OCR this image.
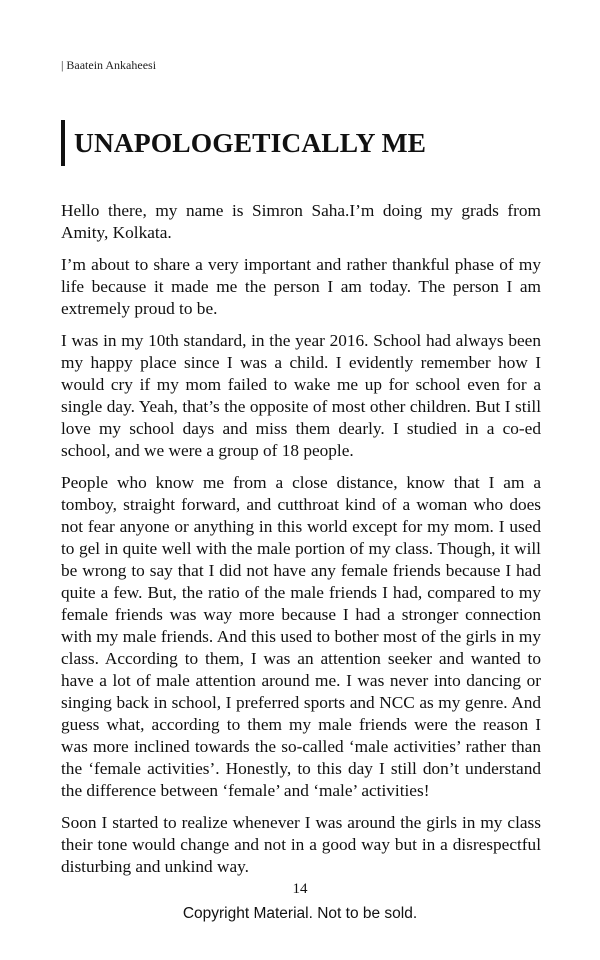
| Baatein Ankaheesi
UNAPOLOGETICALLY ME

Hello there, my name is Simron Saha.I’m doing my grads from Amity, Kolkata.

I’m about to share a very important and rather thankful phase of my life because it made me the person I am today. The person I am extremely proud to be.

I was in my 10th standard, in the year 2016. School had always been my happy place since I was a child. I evidently remember how I would cry if my mom failed to wake me up for school even for a single day. Yeah, that’s the opposite of most other children. But I still love my school days and miss them dearly. I studied in a co-ed school, and we were a group of 18 people.

People who know me from a close distance, know that I am a tomboy, straight forward, and cutthroat kind of a woman who does not fear anyone or anything in this world except for my mom. I used to gel in quite well with the male portion of my class. Though, it will be wrong to say that I did not have any female friends because I had quite a few. But, the ratio of the male friends I had, compared to my female friends was way more because I had a stronger connection with my male friends. And this used to bother most of the girls in my class. According to them, I was an attention seeker and wanted to have a lot of male attention around me. I was never into dancing or singing back in school, I preferred sports and NCC as my genre. And guess what, according to them my male friends were the reason I was more inclined towards the so-called ‘male activities’ rather than the ‘female activities’. Honestly, to this day I still don’t understand the difference between ‘female’ and ‘male’ activities!

Soon I started to realize whenever I was around the girls in my class their tone would change and not in a good way but in a disrespectful disturbing and unkind way.

14
Copyright Material. Not to be sold.
